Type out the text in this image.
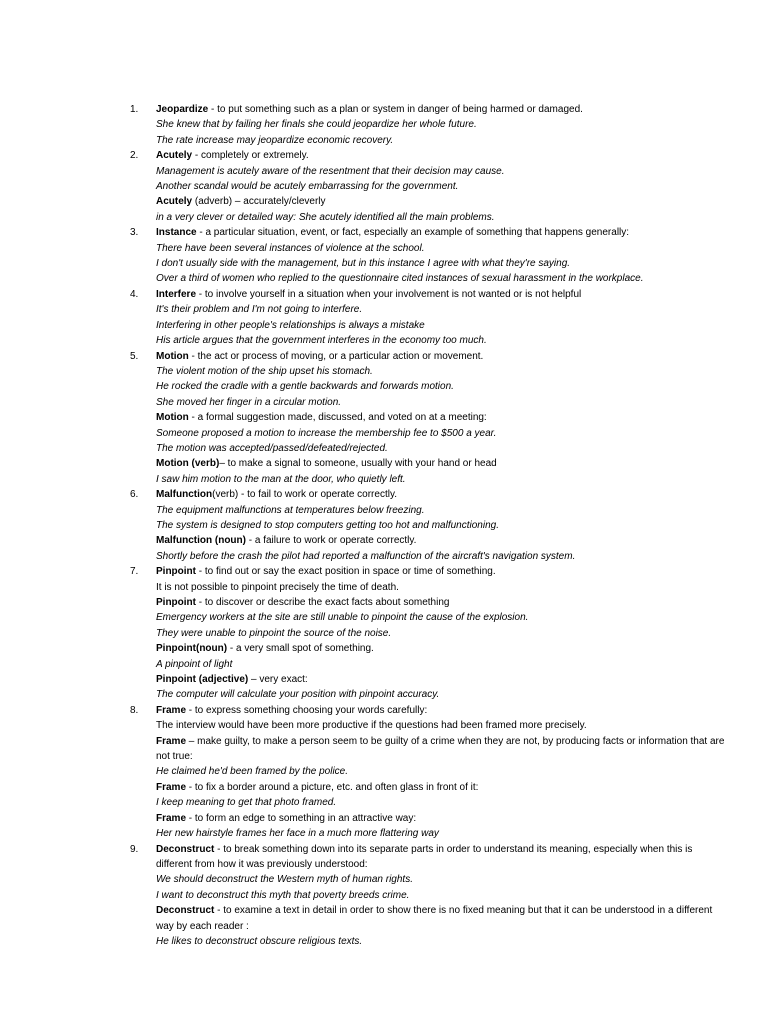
1. Jeopardize - to put something such as a plan or system in danger of being harmed or damaged.
She knew that by failing her finals she could jeopardize her whole future.
The rate increase may jeopardize economic recovery.
2. Acutely - completely or extremely.
Management is acutely aware of the resentment that their decision may cause.
Another scandal would be acutely embarrassing for the government.
Acutely (adverb) – accurately/cleverly
in a very clever or detailed way: She acutely identified all the main problems.
3. Instance - a particular situation, event, or fact, especially an example of something that happens generally:
There have been several instances of violence at the school.
I don't usually side with the management, but in this instance I agree with what they're saying.
Over a third of women who replied to the questionnaire cited instances of sexual harassment in the workplace.
4. Interfere - to involve yourself in a situation when your involvement is not wanted or is not helpful
It's their problem and I'm not going to interfere.
Interfering in other people's relationships is always a mistake
His article argues that the government interferes in the economy too much.
5. Motion - the act or process of moving, or a particular action or movement.
The violent motion of the ship upset his stomach.
He rocked the cradle with a gentle backwards and forwards motion.
She moved her finger in a circular motion.
Motion - a formal suggestion made, discussed, and voted on at a meeting:
Someone proposed a motion to increase the membership fee to $500 a year.
The motion was accepted/passed/defeated/rejected.
Motion (verb)– to make a signal to someone, usually with your hand or head
I saw him motion to the man at the door, who quietly left.
6. Malfunction(verb) - to fail to work or operate correctly.
The equipment malfunctions at temperatures below freezing.
The system is designed to stop computers getting too hot and malfunctioning.
Malfunction (noun) - a failure to work or operate correctly.
Shortly before the crash the pilot had reported a malfunction of the aircraft's navigation system.
7. Pinpoint - to find out or say the exact position in space or time of something.
It is not possible to pinpoint precisely the time of death.
Pinpoint - to discover or describe the exact facts about something
Emergency workers at the site are still unable to pinpoint the cause of the explosion.
They were unable to pinpoint the source of the noise.
Pinpoint(noun) - a very small spot of something.
A pinpoint of light
Pinpoint (adjective) – very exact:
The computer will calculate your position with pinpoint accuracy.
8. Frame - to express something choosing your words carefully:
The interview would have been more productive if the questions had been framed more precisely.
Frame – make guilty, to make a person seem to be guilty of a crime when they are not, by producing facts or information that are not true:
He claimed he'd been framed by the police.
Frame - to fix a border around a picture, etc. and often glass in front of it:
I keep meaning to get that photo framed.
Frame - to form an edge to something in an attractive way:
Her new hairstyle frames her face in a much more flattering way
9. Deconstruct - to break something down into its separate parts in order to understand its meaning, especially when this is different from how it was previously understood:
We should deconstruct the Western myth of human rights.
I want to deconstruct this myth that poverty breeds crime.
Deconstruct - to examine a text in detail in order to show there is no fixed meaning but that it can be understood in a different way by each reader :
He likes to deconstruct obscure religious texts.
